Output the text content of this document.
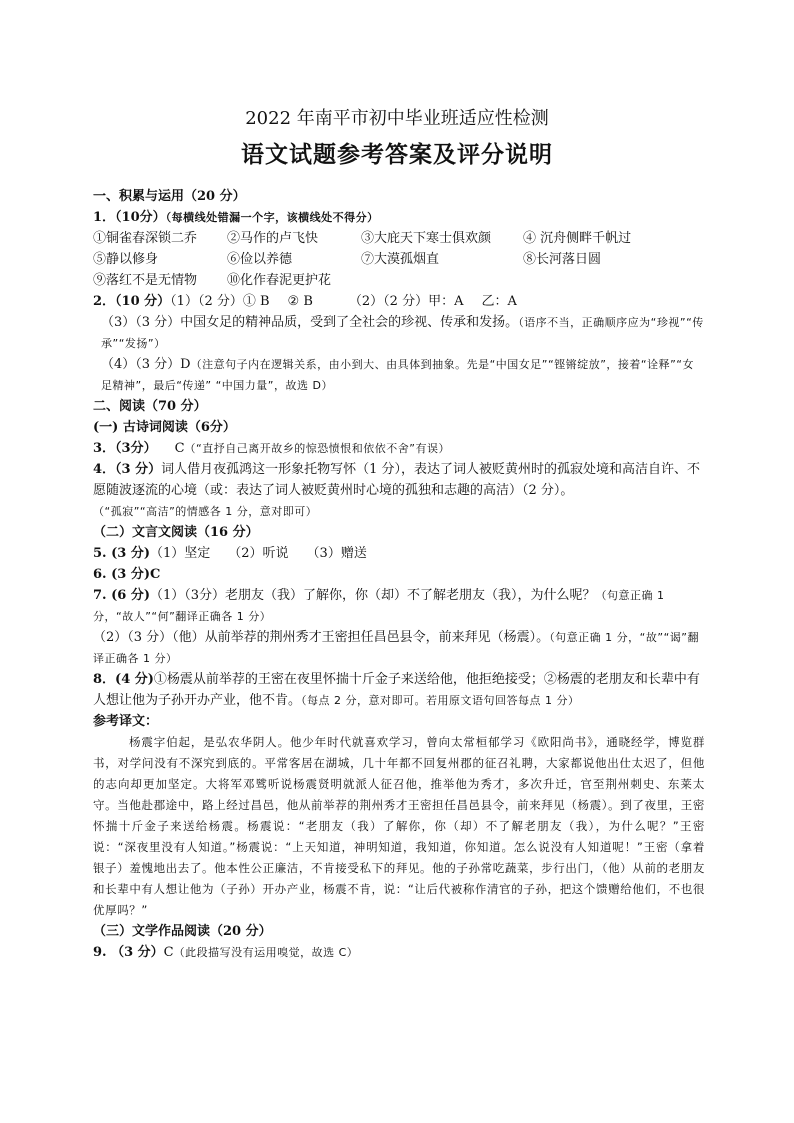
2022 年南平市初中毕业班适应性检测
语文试题参考答案及评分说明
一、积累与运用（20 分）
1．（10分）（每横线处错漏一个字，该横线处不得分）
①铜雀春深锁二乔	②马作的卢飞快	③大庇天下寒士俱欢颜	④ 沉舟侧畔千帆过
⑤静以修身	⑥俭以养德	⑦大漠孤烟直	⑧长河落日圆
⑨落红不是无情物	⑩化作春泥更护花
2．（10 分）（1）（2 分）① B ② B	（2）（2 分）甲：A 乙：A
（3）（3 分）中国女足的精神品质，受到了全社会的珍视、传承和发扬。（语序不当，正确顺序应为“珍视”“传承”“发扬”）
（4）（3 分）D（注意句子内在逻辑关系，由小到大、由具体到抽象。先是“中国女足”“铿锵绽放”，接着“诠释”“女足精神”，最后“传递” “中国力量”，故选 D）
二、阅读（70 分）
(一) 古诗词阅读（6分）
3．（3分） C（“直抒自己离开故乡的惊恐愤恨和依依不舍”有误）
4．（3 分）词人借月夜孤鸿这一形象托物写怀（1 分），表达了词人被贬黄州时的孤寂处境和高洁自许、不愿随波逐流的心境（或：表达了词人被贬黄州时心境的孤独和志趣的高洁）（2 分）。
（“孤寂”“高洁”的情感各 1 分，意对即可）
（二）文言文阅读（16 分）
5. (3 分)（1）坚定 （2）听说 （3）赠送
6. (3 分)C
7. (6 分)（1）（3分）老朋友（我）了解你，你（却）不了解老朋友（我），为什么呢？（句意正确 1 分，“故人”“何”翻译正确各 1 分）
（2）（3 分）（他）从前举荐的荆州秀才王密担任昌邑县令，前来拜见（杨震）。（句意正确 1 分，“故”“谒”翻译正确各 1 分）
8．(4 分)①杨震从前举荐的王密在夜里怀揣十斤金子来送给他，他拒绝接受；②杨震的老朋友和长辈中有人想让他为子孙开办产业，他不肯。（每点 2 分，意对即可。若用原文语句回答每点 1 分）
参考译文：

杨震字伯起，是弘农华阴人。他少年时代就喜欢学习，曾向太常桓郁学习《欧阳尚书》，通晓经学，博览群书，对学问没有不深究到底的。平常客居在湖城，几十年都不回复州郡的征召礼聘，大家都说他出仕太迟了，但他的志向却更加坚定。大将军邓骘听说杨震贤明就派人征召他，推举他为秀才，多次升迁，官至荆州刺史、东莱太守。当他赴郡途中，路上经过昌邑，他从前举荐的荆州秀才王密担任昌邑县令，前来拜见（杨震）。到了夜里，王密怀揣十斤金子来送给杨震。杨震说：“老朋友（我）了解你，你（却）不了解老朋友（我），为什么呢？”王密说：“深夜里没有人知道。”杨震说：“上天知道，神明知道，我知道，你知道。怎么说没有人知道呢！”王密（拿着银子）羞愧地出去了。他本性公正廉洁，不肯接受私下的拜见。他的子孙常吃蔬菜，步行出门，（他）从前的老朋友和长辈中有人想让他为（子孙）开办产业，杨震不肯，说：“让后代被称作清官的子孙，把这个馈赠给他们，不也很优厚吗？”

（三）文学作品阅读（20 分）
9. （3 分）C（此段描写没有运用嗅觉，故选 C）
